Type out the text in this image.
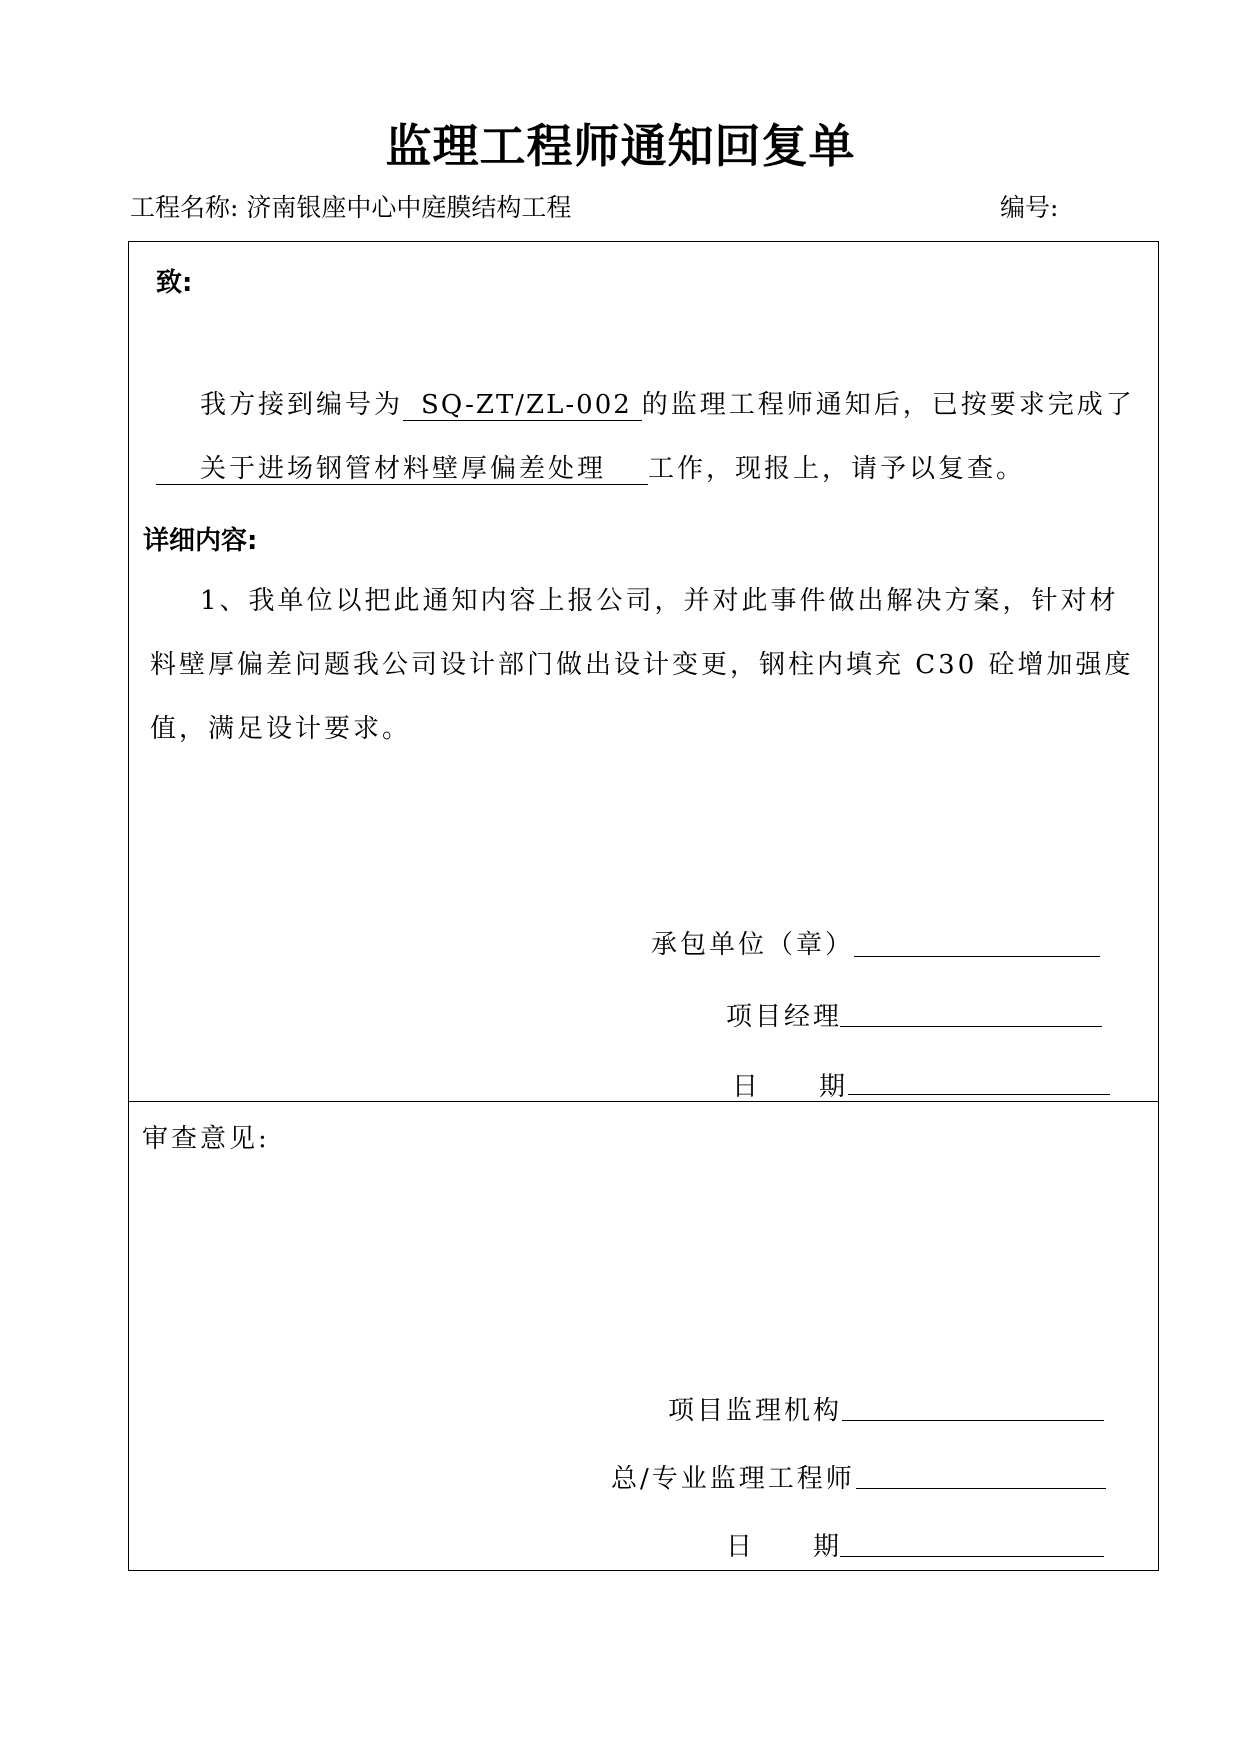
监理工程师通知回复单
工程名称: 济南银座中心中庭膜结构工程	编号:
致:
我方接到编号为 SQ-ZT/ZL-002 的监理工程师通知后，已按要求完成了
关于进场钢管材料壁厚偏差处理 工作，现报上，请予以复查。
详细内容:
1、我单位以把此通知内容上报公司，并对此事件做出解决方案，针对材
料壁厚偏差问题我公司设计部门做出设计变更，钢柱内填充 C30 砼增加强度
值，满足设计要求。
承包单位（章）
项目经理
日　　期
审查意见:
项目监理机构
总/专业监理工程师
日　　期
